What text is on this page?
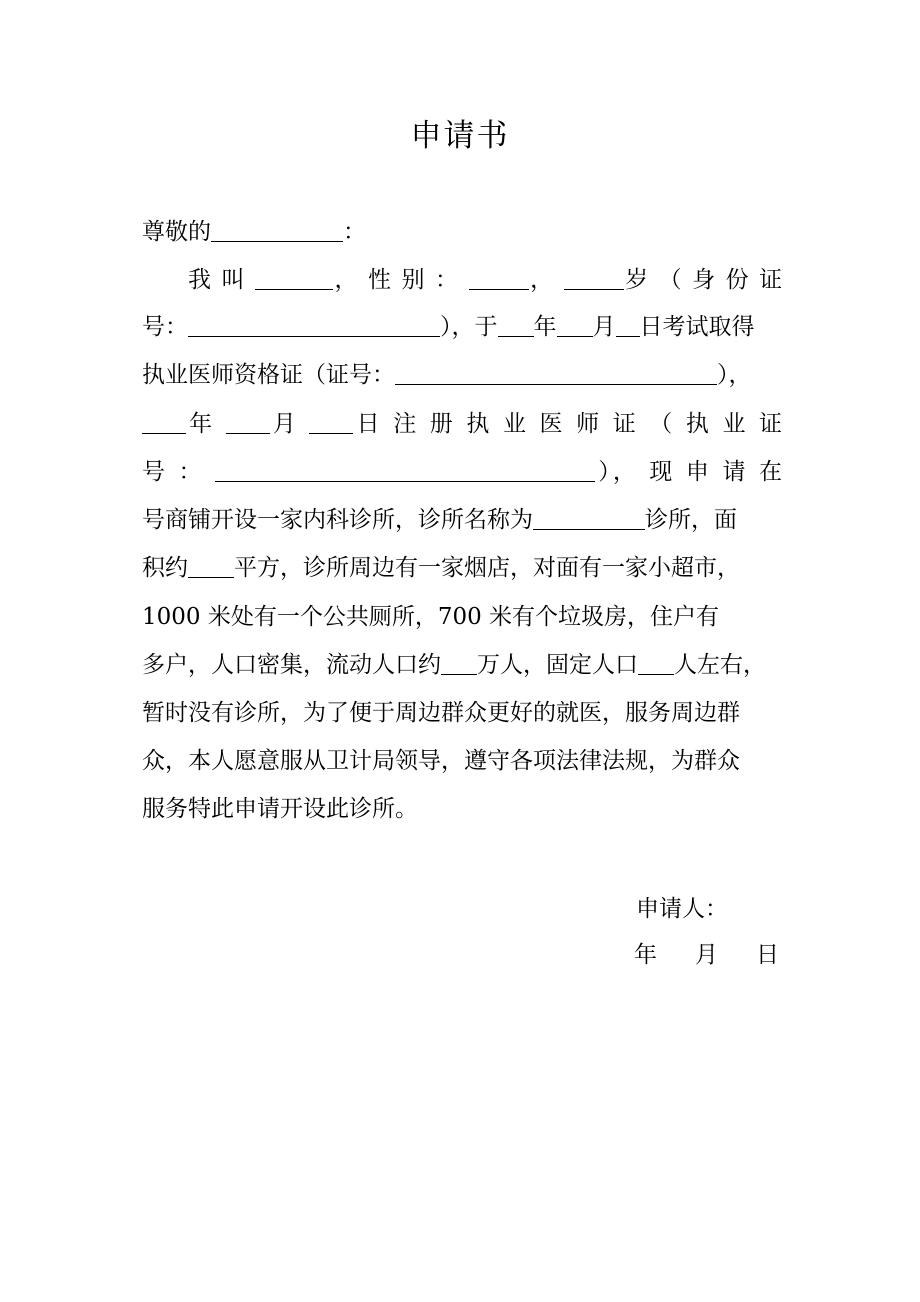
申请书
尊敬的	：
我 叫	， 性 别 ：	，	岁 （ 身 份 证
号：	），于 年 月 日考试取得
执业医师资格证（证号：	），
年 月 日 注 册 执 业 医 师 证 （ 执 业 证
号 ：	）， 现 申 请 在
号商铺开设一家内科诊所，诊所名称为	诊所，面
积约 平方，诊所周边有一家烟店，对面有一家小超市，
1000 米处有一个公共厕所，700 米有个垃圾房，住户有
多户，人口密集，流动人口约 万人，固定人口 人左右，
暂时没有诊所，为了便于周边群众更好的就医，服务周边群
众，本人愿意服从卫计局领导，遵守各项法律法规，为群众
服务特此申请开设此诊所。
申请人：
年 月 日
